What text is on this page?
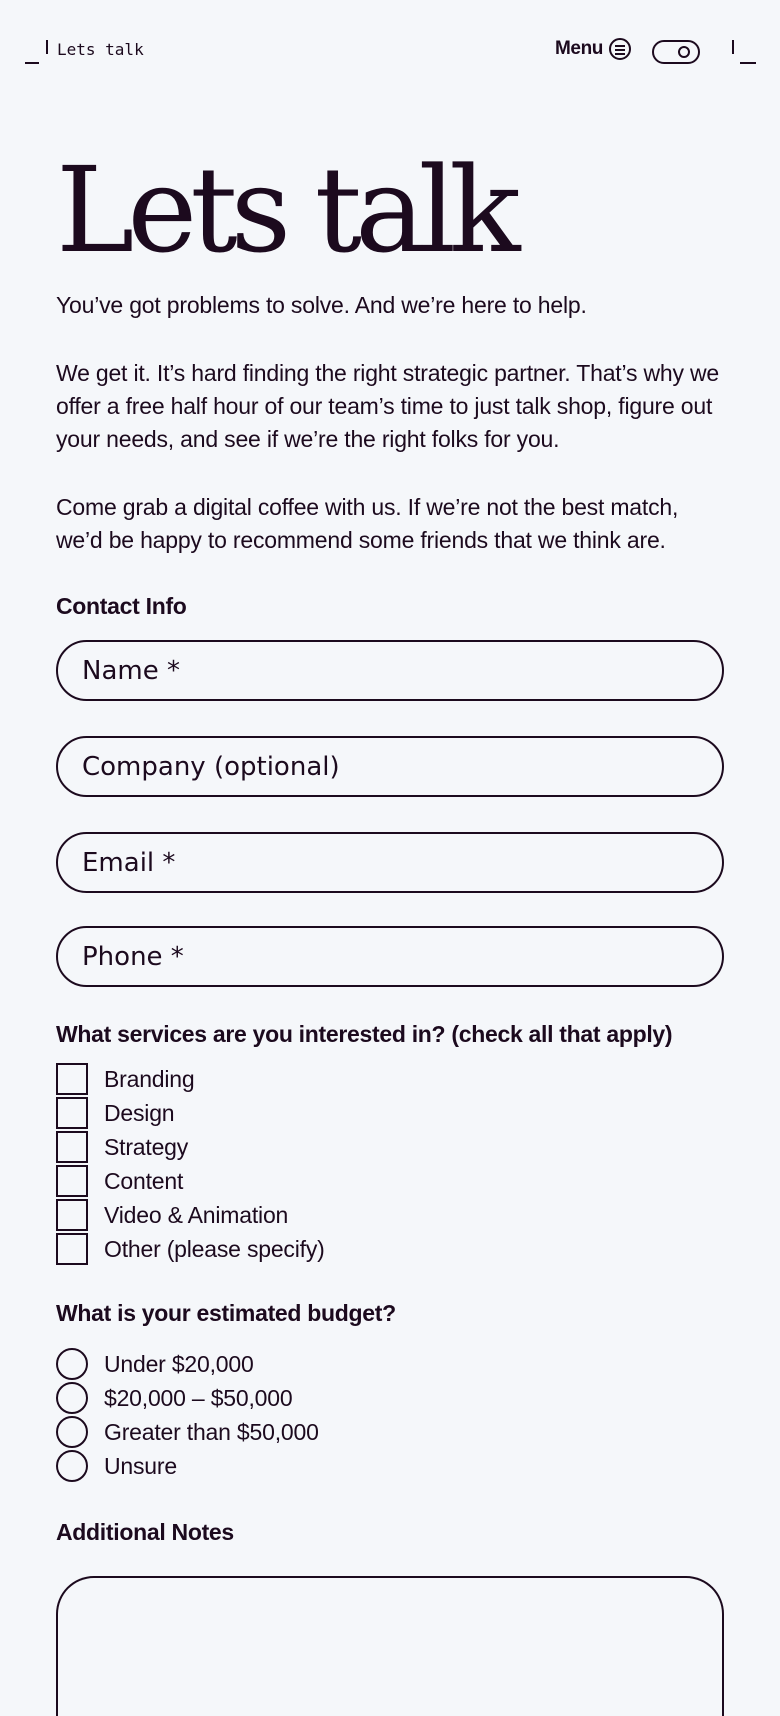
Lets talk	Menu
Lets talk

You’ve got problems to solve. And we’re here to help.

We get it. It’s hard finding the right strategic partner. That’s why we offer a free half hour of our team’s time to just talk shop, figure out your needs, and see if we’re the right folks for you.

Come grab a digital coffee with us. If we’re not the best match, we’d be happy to recommend some friends that we think are.

Contact Info
Name *
Company (optional)
Email *
Phone *
What services are you interested in? (check all that apply)
Branding
Design
Strategy
Content
Video & Animation
Other (please specify)
What is your estimated budget?
Under $20,000
$20,000 – $50,000
Greater than $50,000
Unsure
Additional Notes
